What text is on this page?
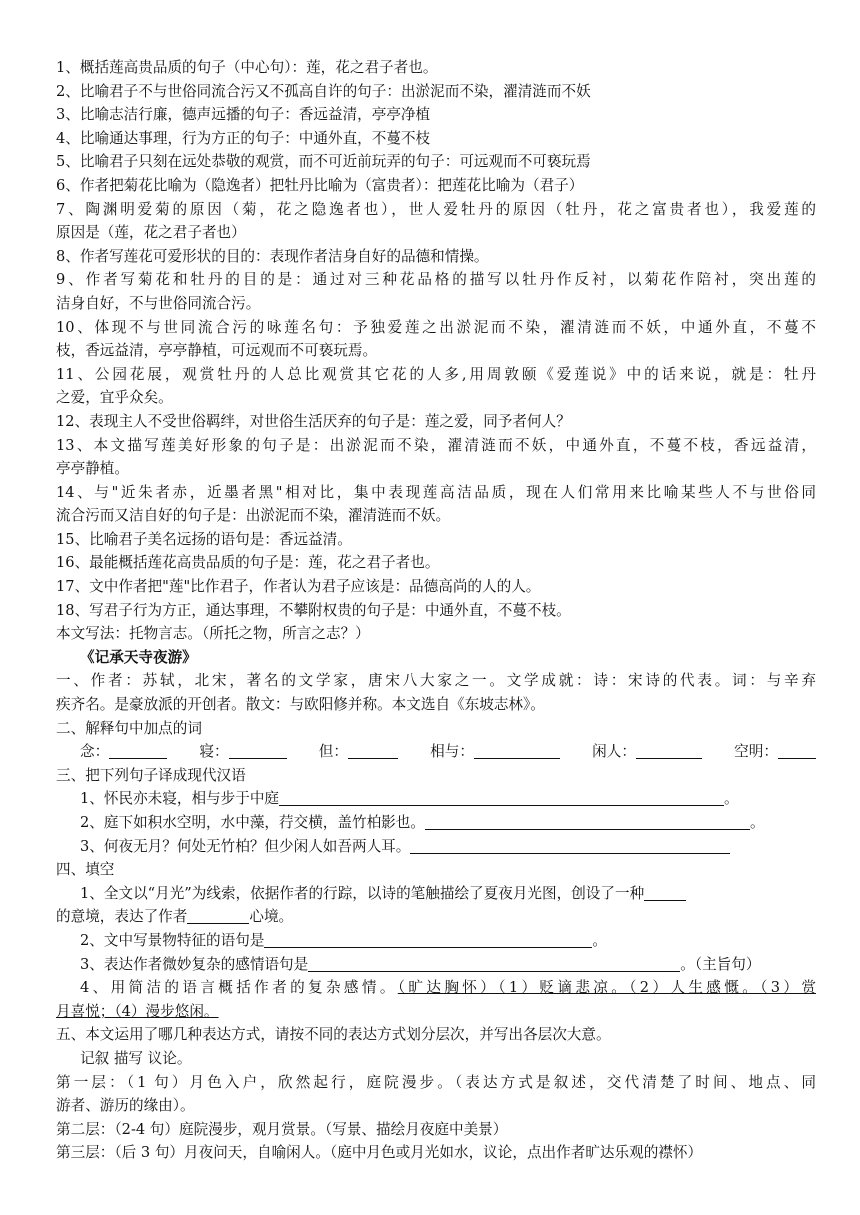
1、概括莲高贵品质的句子（中心句）：莲，花之君子者也。
2、比喻君子不与世俗同流合污又不孤高自许的句子：出淤泥而不染，濯清涟而不妖
3、比喻志洁行廉，德声远播的句子：香远益清，亭亭净植
4、比喻通达事理，行为方正的句子：中通外直，不蔓不枝
5、比喻君子只刻在远处恭敬的观赏，而不可近前玩弄的句子：可远观而不可亵玩焉
6、作者把菊花比喻为（隐逸者）把牡丹比喻为（富贵者）：把莲花比喻为（君子）
7、陶渊明爱菊的原因（菊，花之隐逸者也），世人爱牡丹的原因（牡丹，花之富贵者也），我爱莲的
原因是（莲，花之君子者也）
8、作者写莲花可爱形状的目的：表现作者洁身自好的品德和情操。
9、作者写菊花和牡丹的目的是：通过对三种花品格的描写以牡丹作反衬，以菊花作陪衬，突出莲的
洁身自好，不与世俗同流合污。
10、体现不与世同流合污的咏莲名句：予独爱莲之出淤泥而不染，濯清涟而不妖，中通外直，不蔓不
枝，香远益清，亭亭静植，可远观而不可亵玩焉。
11、公园花展，观赏牡丹的人总比观赏其它花的人多,用周敦颐《爱莲说》中的话来说，就是：牡丹
之爱，宜乎众矣。
12、表现主人不受世俗羁绊，对世俗生活厌弃的句子是：莲之爱，同予者何人？
13、本文描写莲美好形象的句子是：出淤泥而不染，濯清涟而不妖，中通外直，不蔓不枝，香远益清，
亭亭静植。
14、与"近朱者赤，近墨者黑"相对比，集中表现莲高洁品质，现在人们常用来比喻某些人不与世俗同
流合污而又洁自好的句子是：出淤泥而不染，濯清涟而不妖。
15、比喻君子美名远扬的语句是：香远益清。
16、最能概括莲花高贵品质的句子是：莲，花之君子者也。
17、文中作者把"莲"比作君子，作者认为君子应该是：品德高尚的人的人。
18、写君子行为方正，通达事理，不攀附权贵的句子是：中通外直，不蔓不枝。
本文写法：托物言志。（所托之物，所言之志？）
《记承天寺夜游》
一、作者：苏轼，北宋，著名的文学家，唐宋八大家之一。文学成就：诗：宋诗的代表。词：与辛弃
疾齐名。是豪放派的开创者。散文：与欧阳修并称。本文选自《东坡志林》。
二、解释句中加点的词
念：	寝：	但：	相与：	闲人：	空明：
三、把下列句子译成现代汉语
1、怀民亦未寝，相与步于中庭	。
2、庭下如积水空明，水中藻，荇交横，盖竹柏影也。	。
3、何夜无月？何处无竹柏？但少闲人如吾两人耳。
四、填空
1、全文以“月光”为线索，依据作者的行踪，以诗的笔触描绘了夏夜月光图，创设了一种
的意境，表达了作者	心境。
2、文中写景物特征的语句是	。
3、表达作者微妙复杂的感情语句是	。（主旨句）
4、用简洁的语言概括作者的复杂感情。（旷达胸怀）（1）贬谪悲凉。（2）人生感慨。（3）赏
月喜悦；（4）漫步悠闲。
五、本文运用了哪几种表达方式，请按不同的表达方式划分层次，并写出各层次大意。
记叙 描写 议论。
第一层：（1 句）月色入户，欣然起行，庭院漫步。（表达方式是叙述，交代清楚了时间、地点、同
游者、游历的缘由）。
第二层：（2-4 句）庭院漫步，观月赏景。（写景、描绘月夜庭中美景）
第三层：（后 3 句）月夜问天，自喻闲人。（庭中月色或月光如水，议论，点出作者旷达乐观的襟怀）
